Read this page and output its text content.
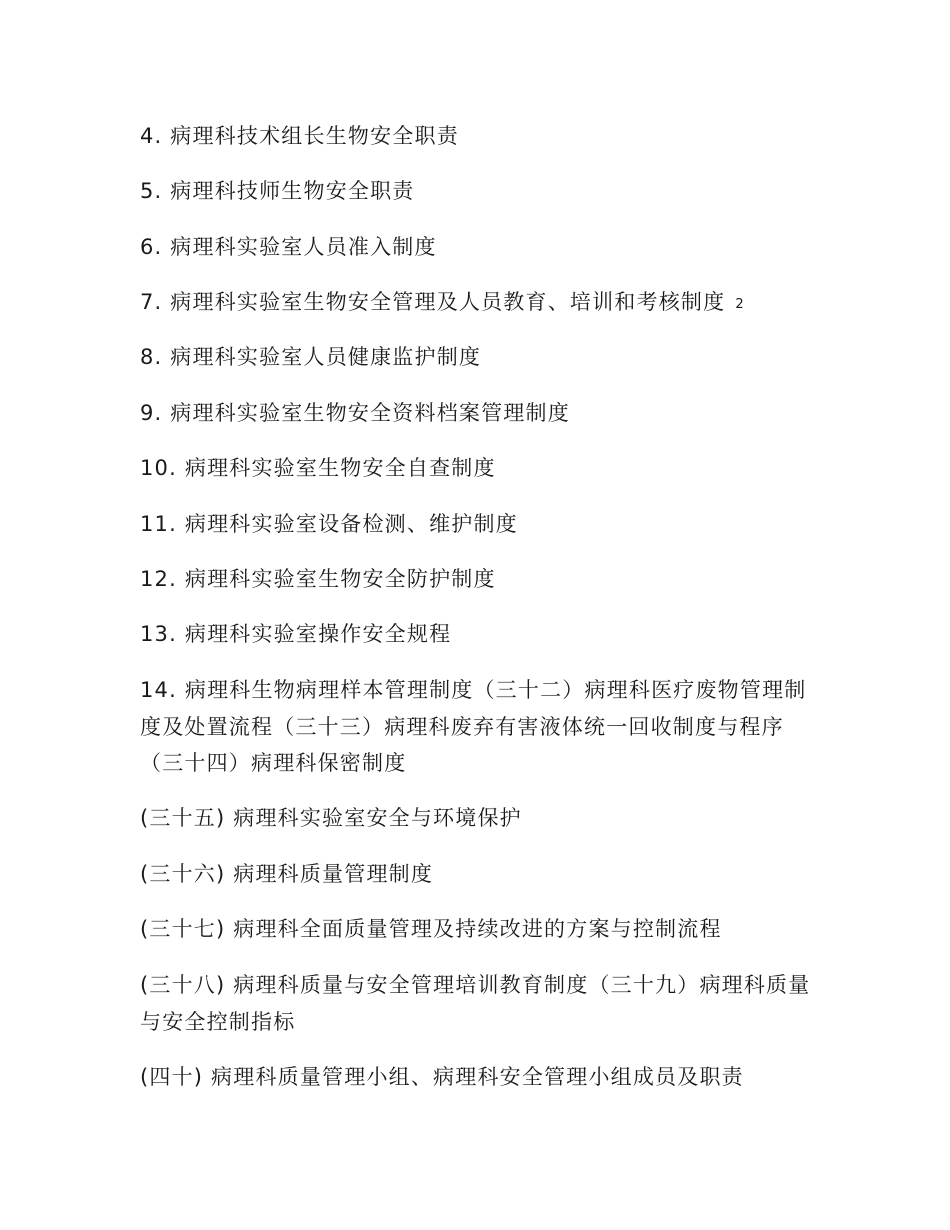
4. 病理科技术组长生物安全职责
5. 病理科技师生物安全职责
6. 病理科实验室人员准入制度
7. 病理科实验室生物安全管理及人员教育、培训和考核制度 2
8. 病理科实验室人员健康监护制度
9. 病理科实验室生物安全资料档案管理制度
10. 病理科实验室生物安全自查制度
11. 病理科实验室设备检测、维护制度
12. 病理科实验室生物安全防护制度
13. 病理科实验室操作安全规程
14. 病理科生物病理样本管理制度（三十二）病理科医疗废物管理制度及处置流程（三十三）病理科废弃有害液体统一回收制度与程序（三十四）病理科保密制度
(三十五) 病理科实验室安全与环境保护
(三十六) 病理科质量管理制度
(三十七) 病理科全面质量管理及持续改进的方案与控制流程
(三十八) 病理科质量与安全管理培训教育制度（三十九）病理科质量与安全控制指标
(四十) 病理科质量管理小组、病理科安全管理小组成员及职责
